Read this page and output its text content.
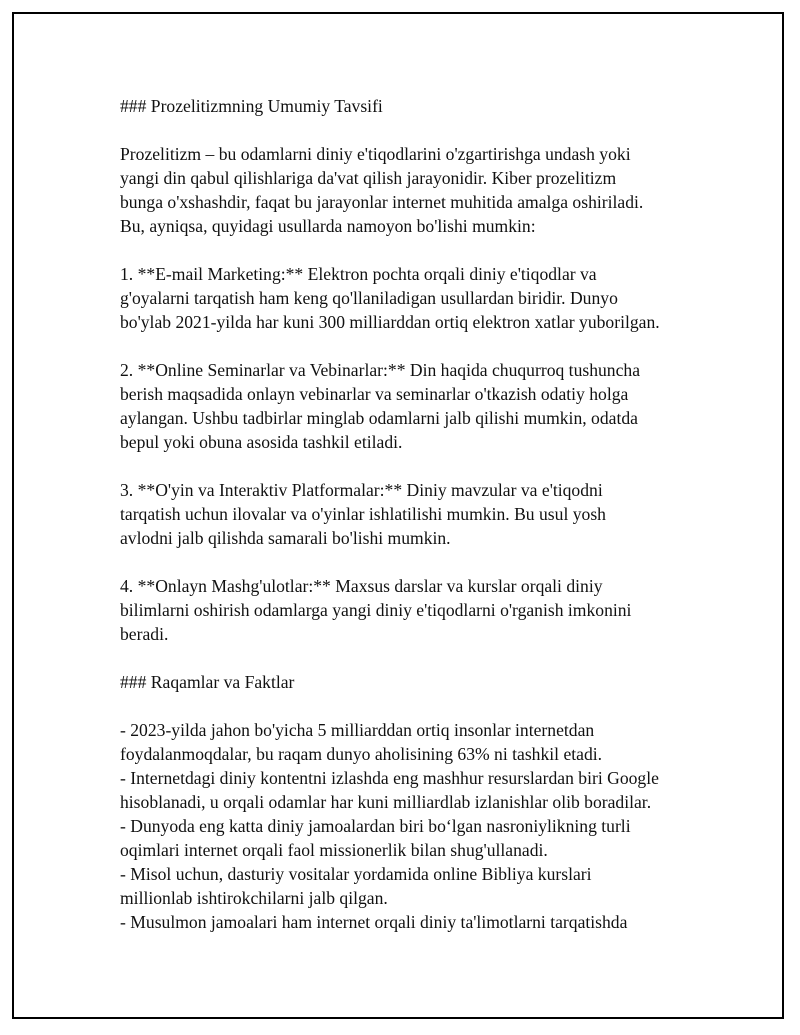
### Prozelitizmning Umumiy Tavsifi
Prozelitizm – bu odamlarni diniy e'tiqodlarini o'zgartirishga undash yoki
yangi din qabul qilishlariga da'vat qilish jarayonidir. Kiber prozelitizm
bunga o'xshashdir, faqat bu jarayonlar internet muhitida amalga oshiriladi.
Bu, ayniqsa, quyidagi usullarda namoyon bo'lishi mumkin:
1. **E-mail Marketing:** Elektron pochta orqali diniy e'tiqodlar va
g'oyalarni tarqatish ham keng qo'llaniladigan usullardan biridir. Dunyo
bo'ylab 2021-yilda har kuni 300 milliarddan ortiq elektron xatlar yuborilgan.
2. **Online Seminarlar va Vebinarlar:** Din haqida chuqurroq tushuncha
berish maqsadida onlayn vebinarlar va seminarlar o'tkazish odatiy holga
aylangan. Ushbu tadbirlar minglab odamlarni jalb qilishi mumkin, odatda
bepul yoki obuna asosida tashkil etiladi.
3. **O'yin va Interaktiv Platformalar:** Diniy mavzular va e'tiqodni
tarqatish uchun ilovalar va o'yinlar ishlatilishi mumkin. Bu usul yosh
avlodni jalb qilishda samarali bo'lishi mumkin.
4. **Onlayn Mashg'ulotlar:** Maxsus darslar va kurslar orqali diniy
bilimlarni oshirish odamlarga yangi diniy e'tiqodlarni o'rganish imkonini
beradi.
### Raqamlar va Faktlar
- 2023-yilda jahon bo'yicha 5 milliarddan ortiq insonlar internetdan
foydalanmoqdalar, bu raqam dunyo aholisining 63% ni tashkil etadi.
- Internetdagi diniy kontentni izlashda eng mashhur resurslardan biri Google
hisoblanadi, u orqali odamlar har kuni milliardlab izlanishlar olib boradilar.
- Dunyoda eng katta diniy jamoalardan biri boʻlgan nasroniylikning turli
oqimlari internet orqali faol missionerlik bilan shug'ullanadi.
- Misol uchun, dasturiy vositalar yordamida online Bibliya kurslari
millionlab ishtirokchilarni jalb qilgan.
- Musulmon jamoalari ham internet orqali diniy ta'limotlarni tarqatishda
